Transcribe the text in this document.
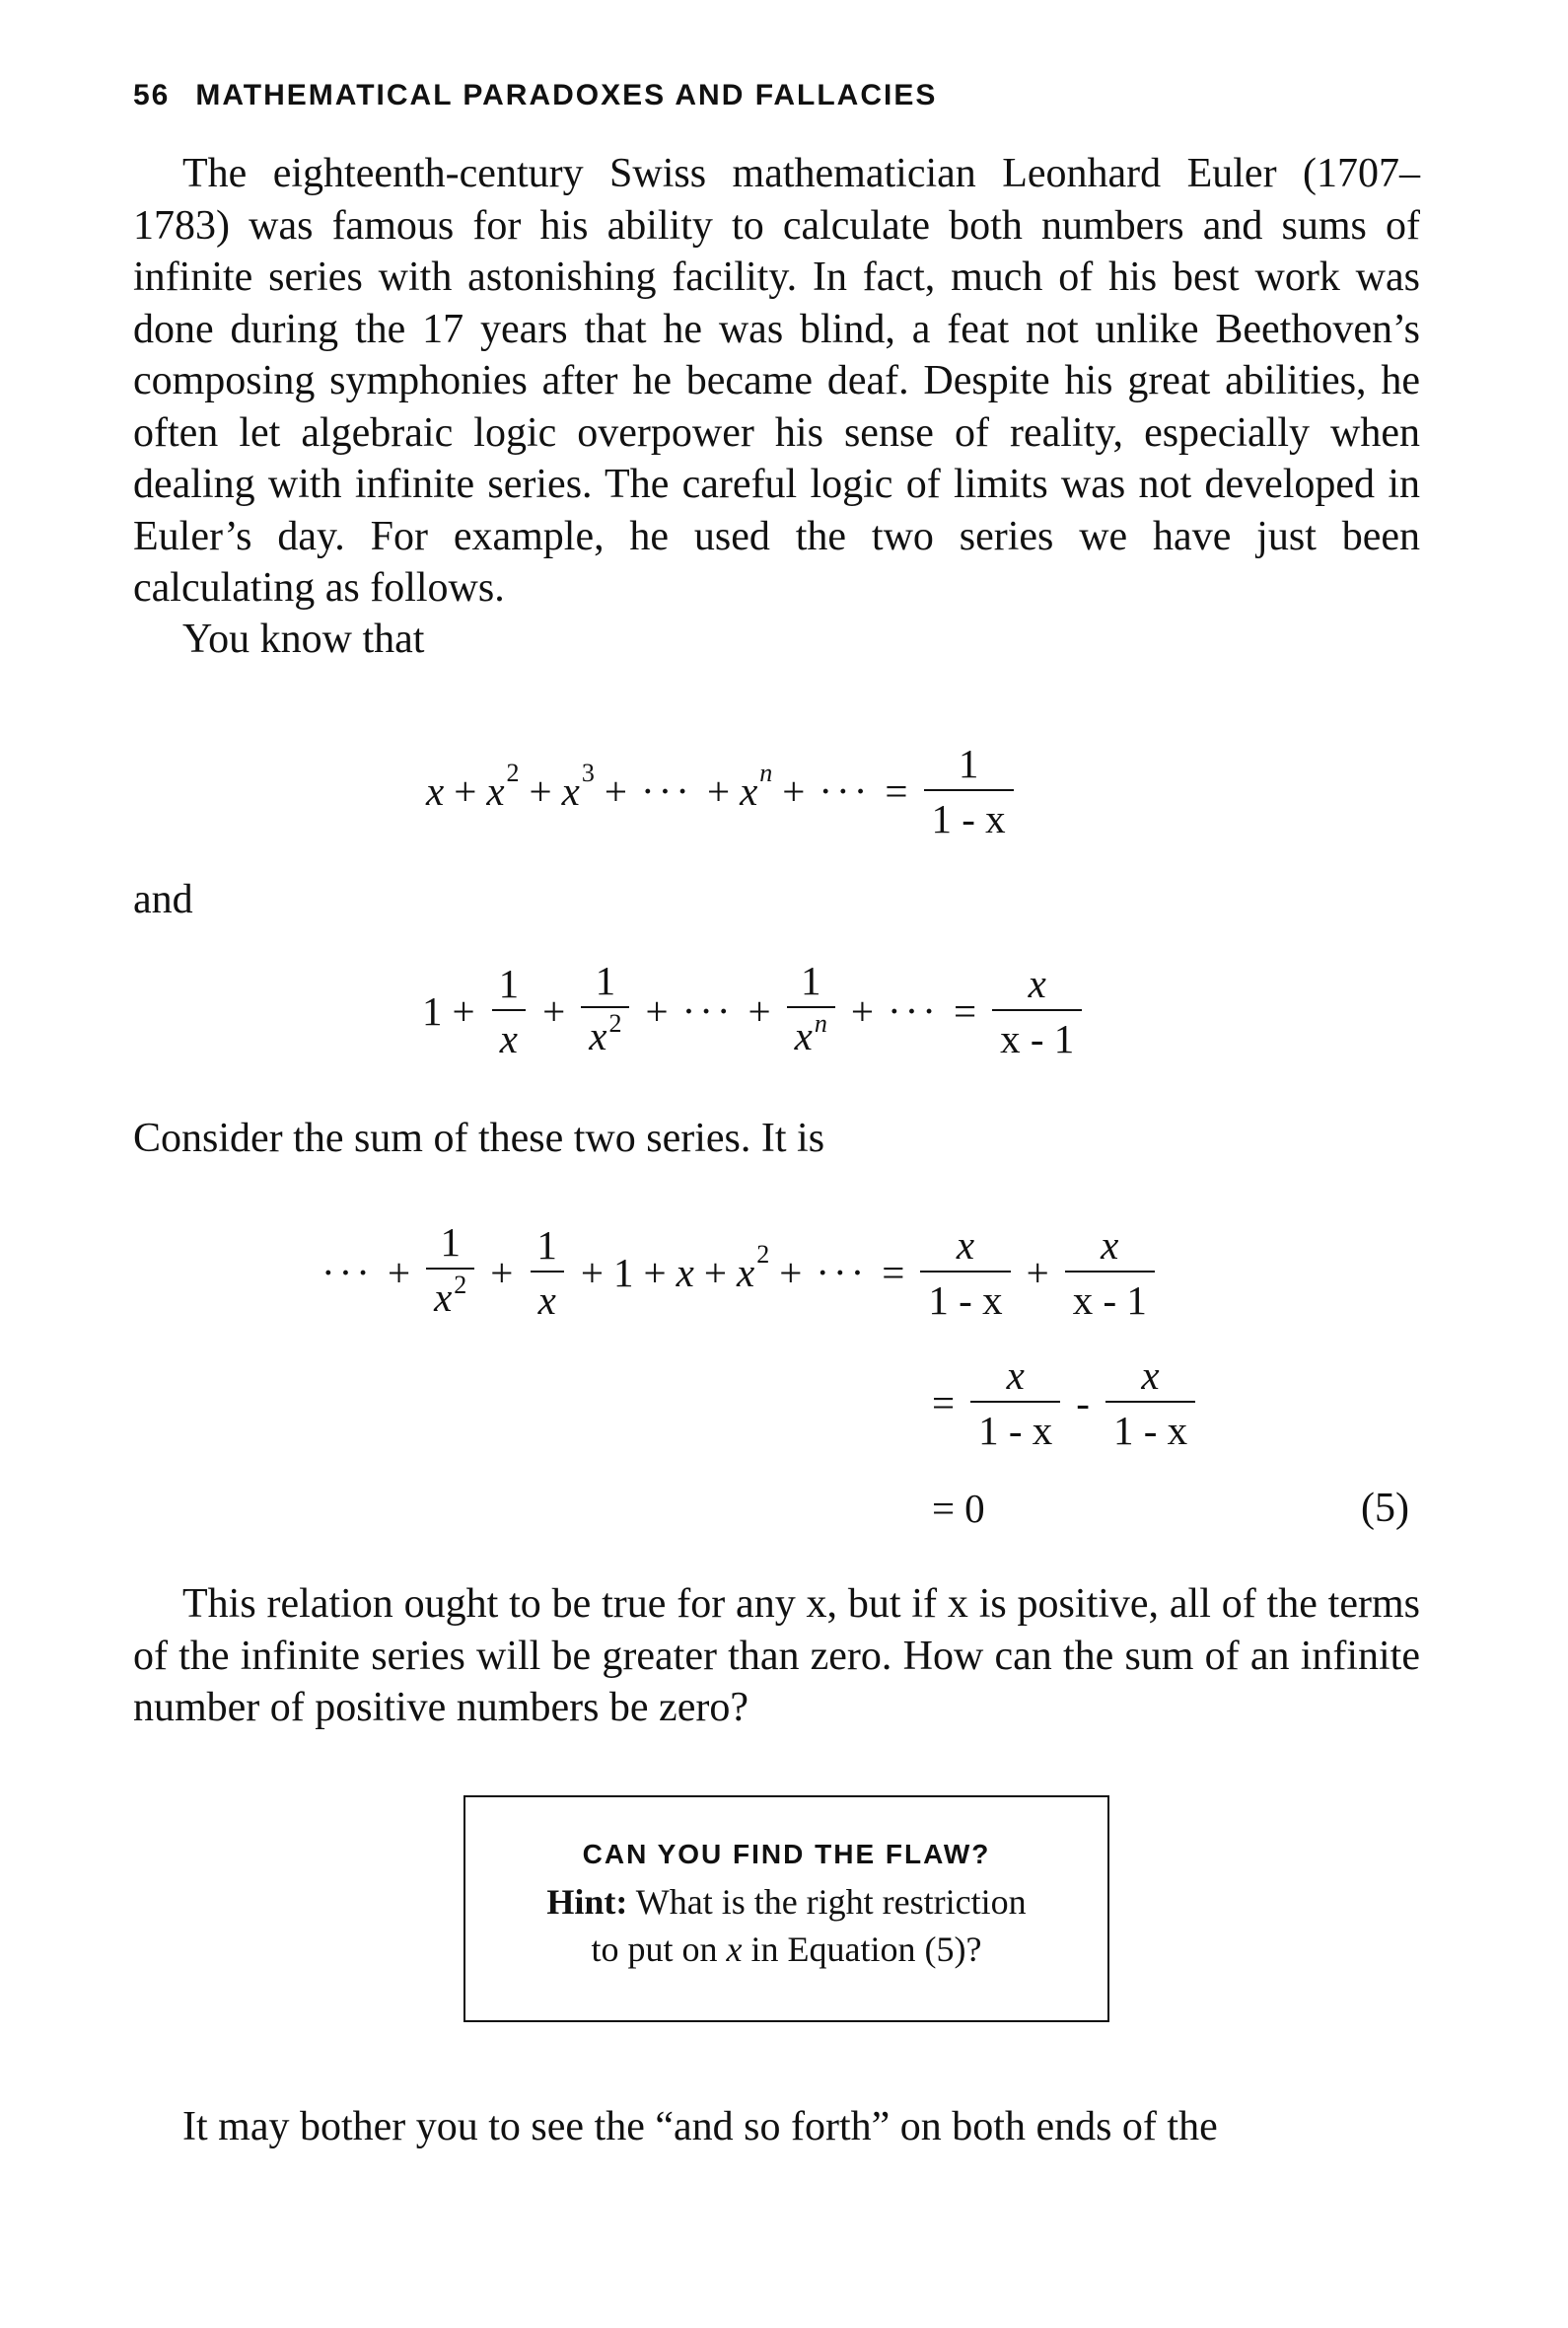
56 MATHEMATICAL PARADOXES AND FALLACIES

The eighteenth-century Swiss mathematician Leonhard Euler (1707–1783) was famous for his ability to calculate both numbers and sums of infinite series with astonishing facility. In fact, much of his best work was done during the 17 years that he was blind, a feat not unlike Beethoven’s composing symphonies after he became deaf. Despite his great abilities, he often let algebraic logic overpower his sense of reality, especially when dealing with infinite series. The careful logic of limits was not developed in Euler’s day. For example, he used the two series we have just been calculating as follows.

You know that
x + x 2 + x 3 + ··· + x n + ··· = $\frac{1}{1 - x}$
and
$1 + \frac{1}{x} + \frac{1}{x^2}$ + ··· + $\frac{1}{x^n}$ + ··· = $\frac{x}{x - 1}$
Consider the sum of these two series. It is
··· + $\frac{1}{x^2} + \frac{1}{x} + 1 + x + x$ 2 + ··· = $\frac{x}{1 - x} + \frac{x}{x - 1}$
= $\frac{x}{1 - x} - \frac{x}{1 - x}$
= 0	(5)

This relation ought to be true for any x, but if x is positive, all of the terms of the infinite series will be greater than zero. How can the sum of an infinite number of positive numbers be zero?

CAN YOU FIND THE FLAW?
Hint: What is the right restriction
to put on x in Equation (5)?

It may bother you to see the “and so forth” on both ends of the
